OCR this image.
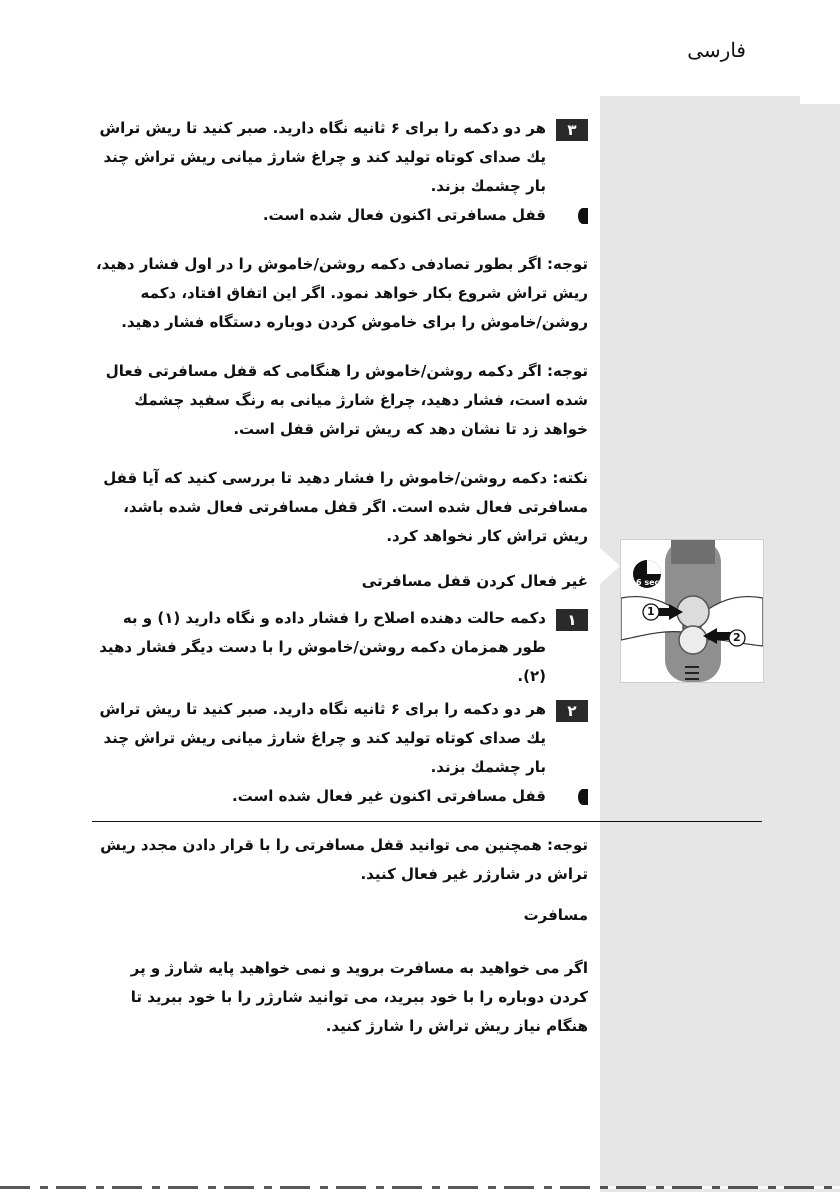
فارسی

۳
هر دو دکمه را برای ۶ ثانیه نگاه دارید. صبر کنید تا ریش تراش یك صدای كوتاه تولید کند و چراغ شارژ میانی ریش تراش چند بار چشمك بزند.

قفل مسافرتی اکنون فعال شده است.

توجه: اگر بطور تصادفی دكمه روشن/خاموش را در اول فشار دهید، ریش تراش شروع بكار خواهد نمود. اگر این اتفاق افتاد، دكمه روشن/خاموش را برای خاموش كردن دوباره دستگاه فشار دهید.

توجه: اگر دکمه روشن/خاموش را هنگامی که قفل مسافرتی فعال شده است، فشار دهید، چراغ شارژ میانی به رنگ سفید چشمك خواهد زد تا نشان دهد كه ریش تراش قفل است.

نكته: دکمه روشن/خاموش را فشار دهید تا بررسی کنید که آیا قفل مسافرتی فعال شده است. اگر قفل مسافرتی فعال شده باشد، ریش تراش کار نخواهد کرد.

غیر فعال کردن قفل مسافرتی

۱
دكمه حالت دهنده اصلاح را فشار داده و نگاه دارید (۱) و به طور همزمان دکمه روشن/خاموش را با دست دیگر فشار دهید (۲).

۲
هر دو دکمه را برای ۶ ثانیه نگاه دارید. صبر کنید تا ریش تراش یك صدای كوتاه تولید کند و چراغ شارژ میانی ریش تراش چند بار چشمك بزند.

قفل مسافرتی اکنون غیر فعال شده است.

توجه: همچنین می توانید قفل مسافرتی را با قرار دادن مجدد ریش تراش در شارژر غیر فعال کنید.

مسافرت

اگر می خواهید به مسافرت بروید و نمی خواهید پایه شارژ و پر کردن دوباره را با خود ببرید، می توانید شارژر را با خود ببرید تا هنگام نیاز ریش تراش را شارژ کنید.

6 sec
1
2
